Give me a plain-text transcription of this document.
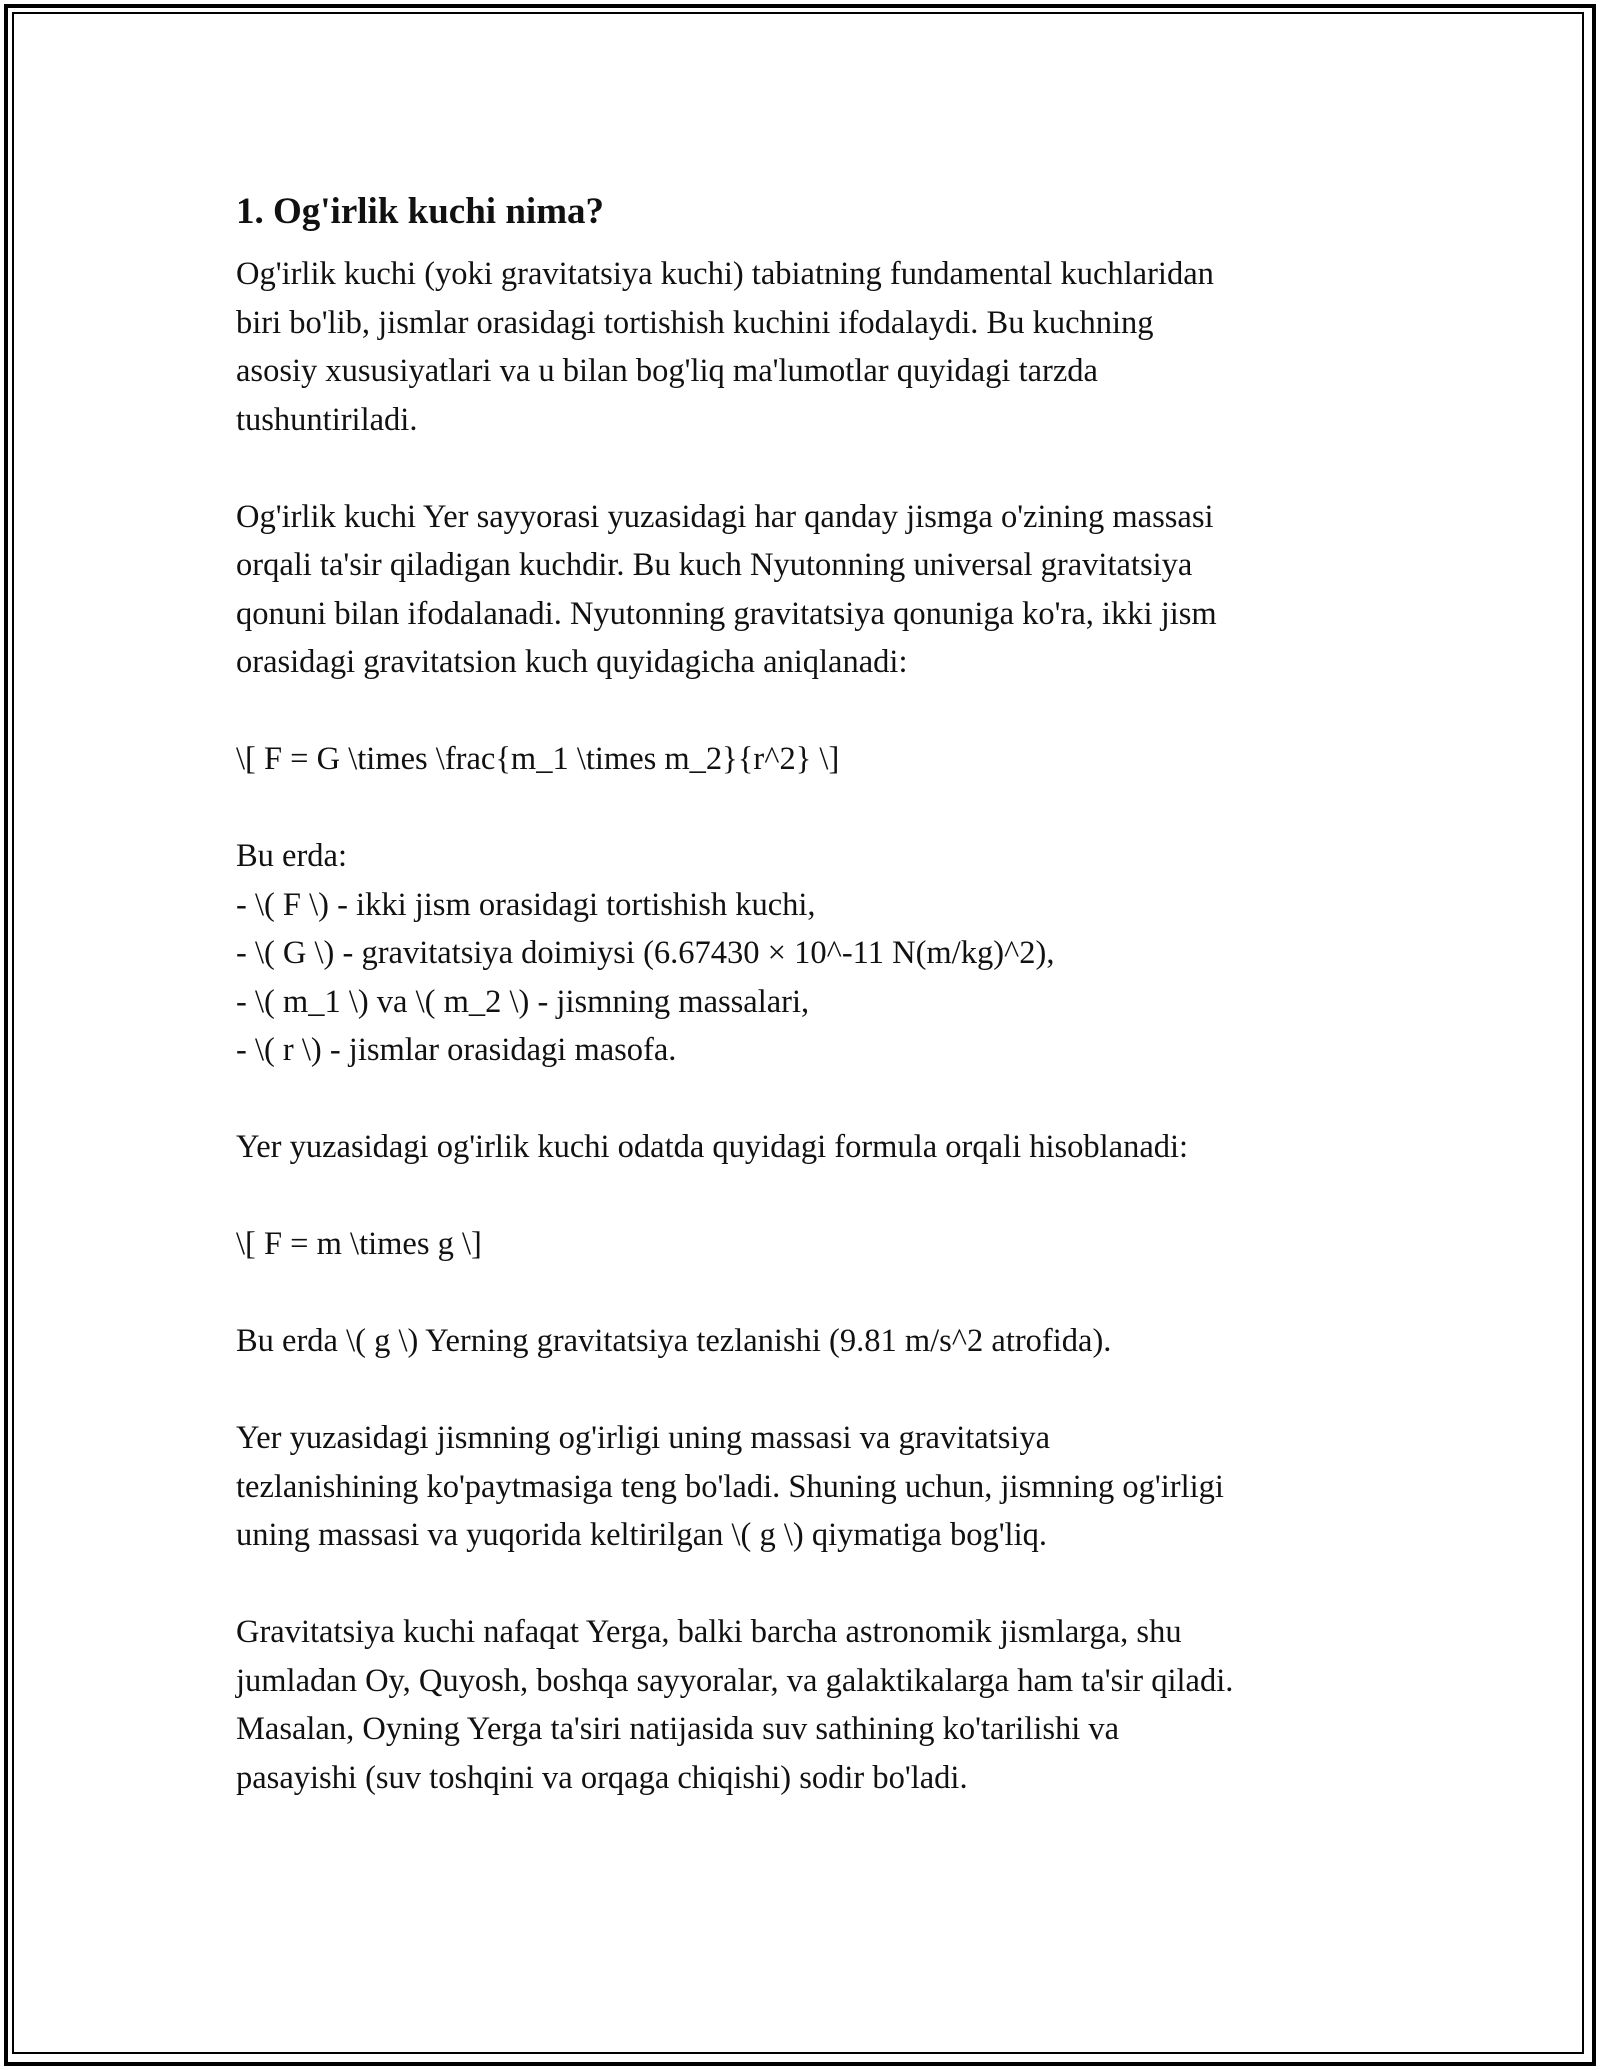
1. Og'irlik kuchi nima?
Og'irlik kuchi (yoki gravitatsiya kuchi) tabiatning fundamental kuchlaridan
biri bo'lib, jismlar orasidagi tortishish kuchini ifodalaydi. Bu kuchning
asosiy xususiyatlari va u bilan bog'liq ma'lumotlar quyidagi tarzda
tushuntiriladi.
Og'irlik kuchi Yer sayyorasi yuzasidagi har qanday jismga o'zining massasi
orqali ta'sir qiladigan kuchdir. Bu kuch Nyutonning universal gravitatsiya
qonuni bilan ifodalanadi. Nyutonning gravitatsiya qonuniga ko'ra, ikki jism
orasidagi gravitatsion kuch quyidagicha aniqlanadi:
\[ F = G \times \frac{m_1 \times m_2}{r^2} \]
Bu erda:
- \( F \) - ikki jism orasidagi tortishish kuchi,
- \( G \) - gravitatsiya doimiysi (6.67430 × 10^-11 N(m/kg)^2),
- \( m_1 \) va \( m_2 \) - jismning massalari,
- \( r \) - jismlar orasidagi masofa.
Yer yuzasidagi og'irlik kuchi odatda quyidagi formula orqali hisoblanadi:
\[ F = m \times g \]
Bu erda \( g \) Yerning gravitatsiya tezlanishi (9.81 m/s^2 atrofida).
Yer yuzasidagi jismning og'irligi uning massasi va gravitatsiya
tezlanishining ko'paytmasiga teng bo'ladi. Shuning uchun, jismning og'irligi
uning massasi va yuqorida keltirilgan \( g \) qiymatiga bog'liq.
Gravitatsiya kuchi nafaqat Yerga, balki barcha astronomik jismlarga, shu
jumladan Oy, Quyosh, boshqa sayyoralar, va galaktikalarga ham ta'sir qiladi.
Masalan, Oyning Yerga ta'siri natijasida suv sathining ko'tarilishi va
pasayishi (suv toshqini va orqaga chiqishi) sodir bo'ladi.
